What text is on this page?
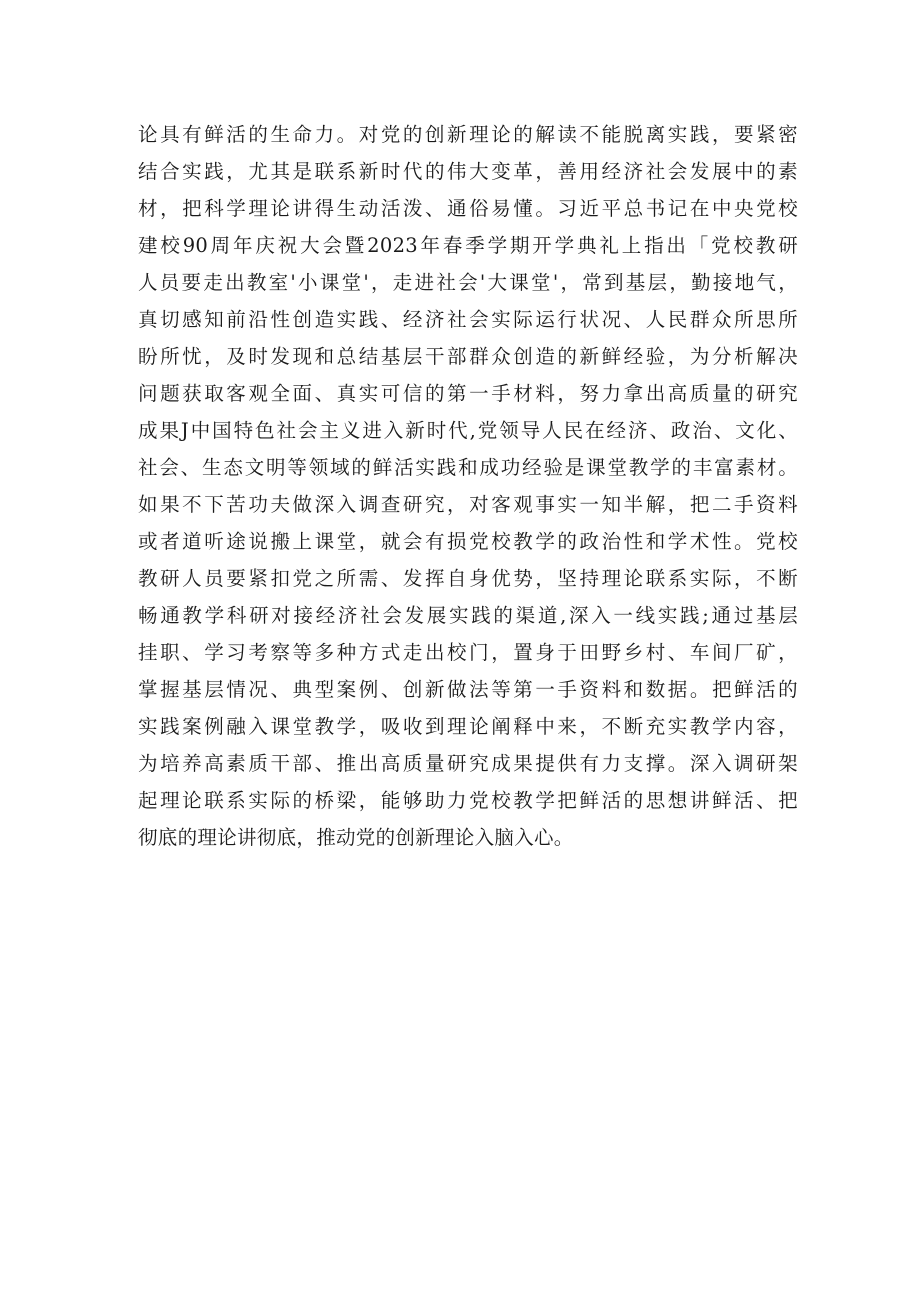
论具有鲜活的生命力。对党的创新理论的解读不能脱离实践，要紧密
结合实践，尤其是联系新时代的伟大变革，善用经济社会发展中的素
材，把科学理论讲得生动活泼、通俗易懂。习近平总书记在中央党校
建校90周年庆祝大会暨2023年春季学期开学典礼上指出「党校教研
人员要走出教室'小课堂'，走进社会'大课堂'，常到基层，勤接地气，
真切感知前沿性创造实践、经济社会实际运行状况、人民群众所思所
盼所忧，及时发现和总结基层干部群众创造的新鲜经验，为分析解决
问题获取客观全面、真实可信的第一手材料，努力拿出高质量的研究
成果J中国特色社会主义进入新时代,党领导人民在经济、政治、文化、
社会、生态文明等领域的鲜活实践和成功经验是课堂教学的丰富素材。
如果不下苦功夫做深入调查研究，对客观事实一知半解，把二手资料
或者道听途说搬上课堂，就会有损党校教学的政治性和学术性。党校
教研人员要紧扣党之所需、发挥自身优势，坚持理论联系实际，不断
畅通教学科研对接经济社会发展实践的渠道,深入一线实践;通过基层
挂职、学习考察等多种方式走出校门，置身于田野乡村、车间厂矿，
掌握基层情况、典型案例、创新做法等第一手资料和数据。把鲜活的
实践案例融入课堂教学，吸收到理论阐释中来，不断充实教学内容，
为培养高素质干部、推出高质量研究成果提供有力支撑。深入调研架
起理论联系实际的桥梁，能够助力党校教学把鲜活的思想讲鲜活、把
彻底的理论讲彻底，推动党的创新理论入脑入心。
